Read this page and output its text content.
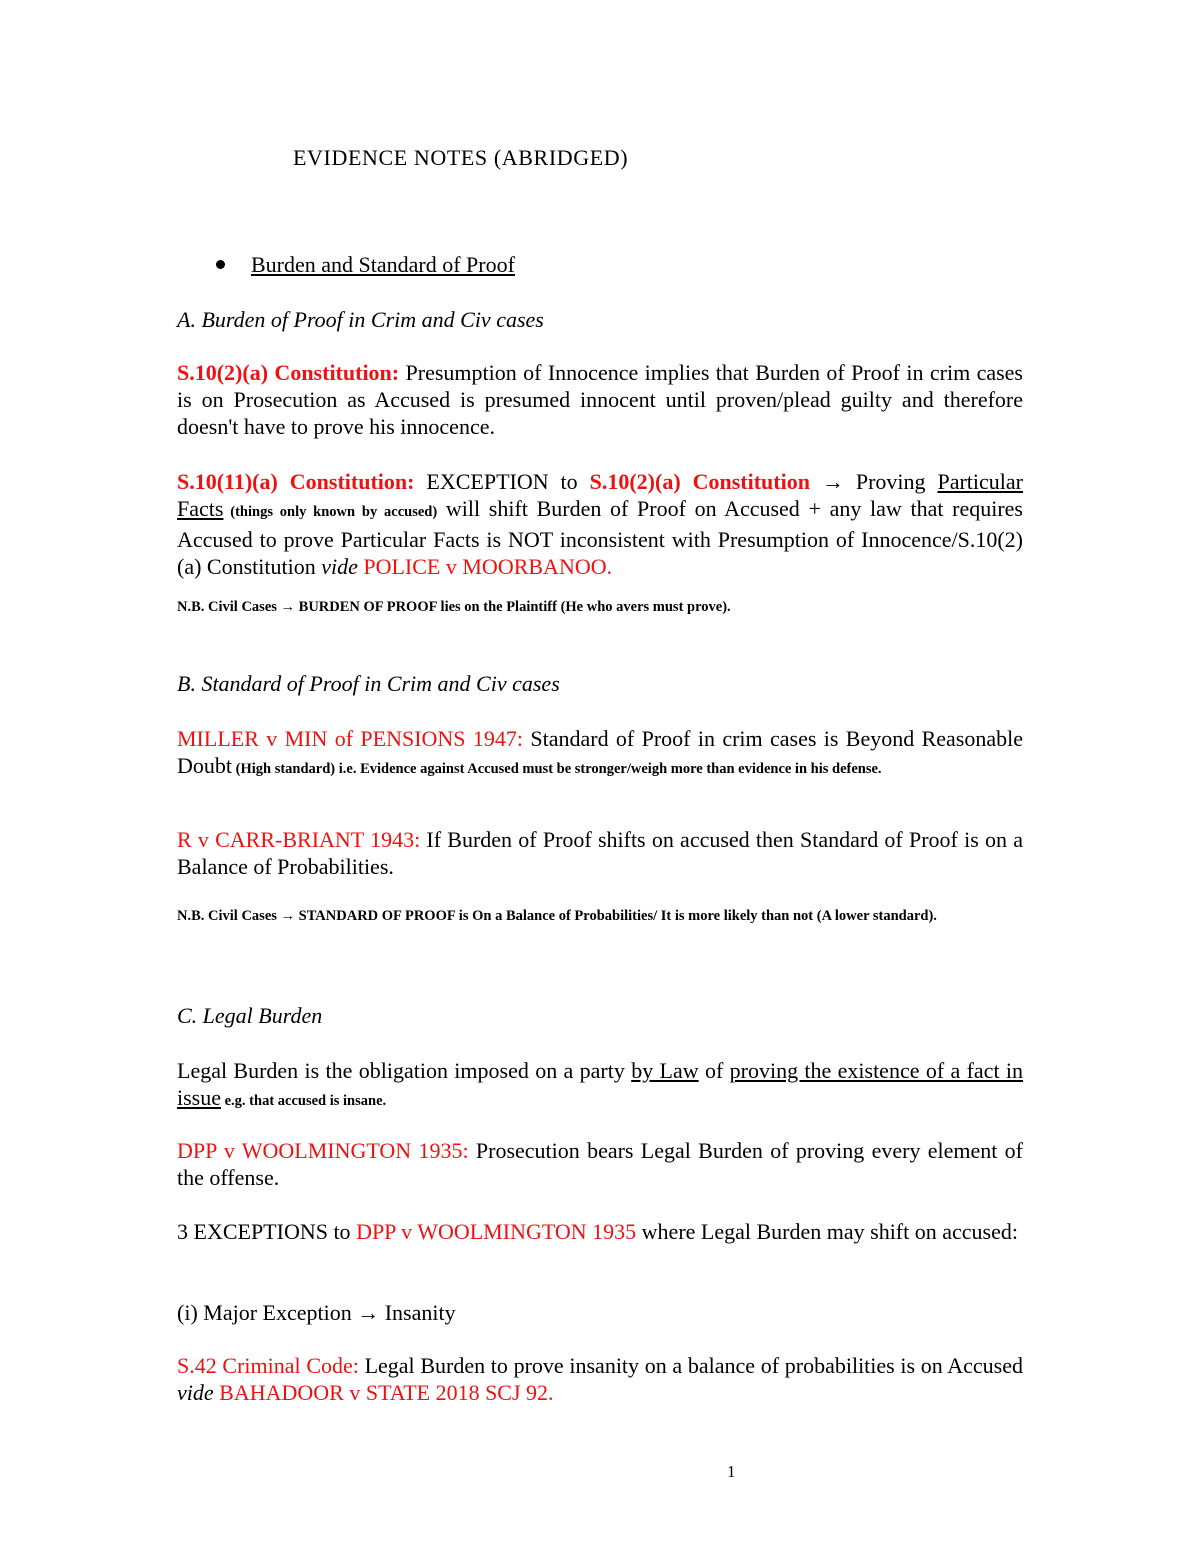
EVIDENCE NOTES (ABRIDGED)
Burden and Standard of Proof

A. Burden of Proof in Crim and Civ cases

S.10(2)(a) Constitution: Presumption of Innocence implies that Burden of Proof in crim cases is on Prosecution as Accused is presumed innocent until proven/plead guilty and therefore doesn't have to prove his innocence.

S.10(11)(a) Constitution: EXCEPTION to S.10(2)(a) Constitution → Proving Particular Facts (things only known by accused) will shift Burden of Proof on Accused + any law that requires Accused to prove Particular Facts is NOT inconsistent with Presumption of Innocence/S.10(2)(a) Constitution vide POLICE v MOORBANOO.

N.B. Civil Cases → BURDEN OF PROOF lies on the Plaintiff (He who avers must prove).

B. Standard of Proof in Crim and Civ cases

MILLER v MIN of PENSIONS 1947: Standard of Proof in crim cases is Beyond Reasonable Doubt (High standard) i.e. Evidence against Accused must be stronger/weigh more than evidence in his defense.

R v CARR-BRIANT 1943: If Burden of Proof shifts on accused then Standard of Proof is on a Balance of Probabilities.

N.B. Civil Cases → STANDARD OF PROOF is On a Balance of Probabilities/ It is more likely than not (A lower standard).

C. Legal Burden

Legal Burden is the obligation imposed on a party by Law of proving the existence of a fact in issue e.g. that accused is insane.

DPP v WOOLMINGTON 1935: Prosecution bears Legal Burden of proving every element of the offense.

3 EXCEPTIONS to DPP v WOOLMINGTON 1935 where Legal Burden may shift on accused:

(i) Major Exception → Insanity

S.42 Criminal Code: Legal Burden to prove insanity on a balance of probabilities is on Accused vide BAHADOOR v STATE 2018 SCJ 92.

1
